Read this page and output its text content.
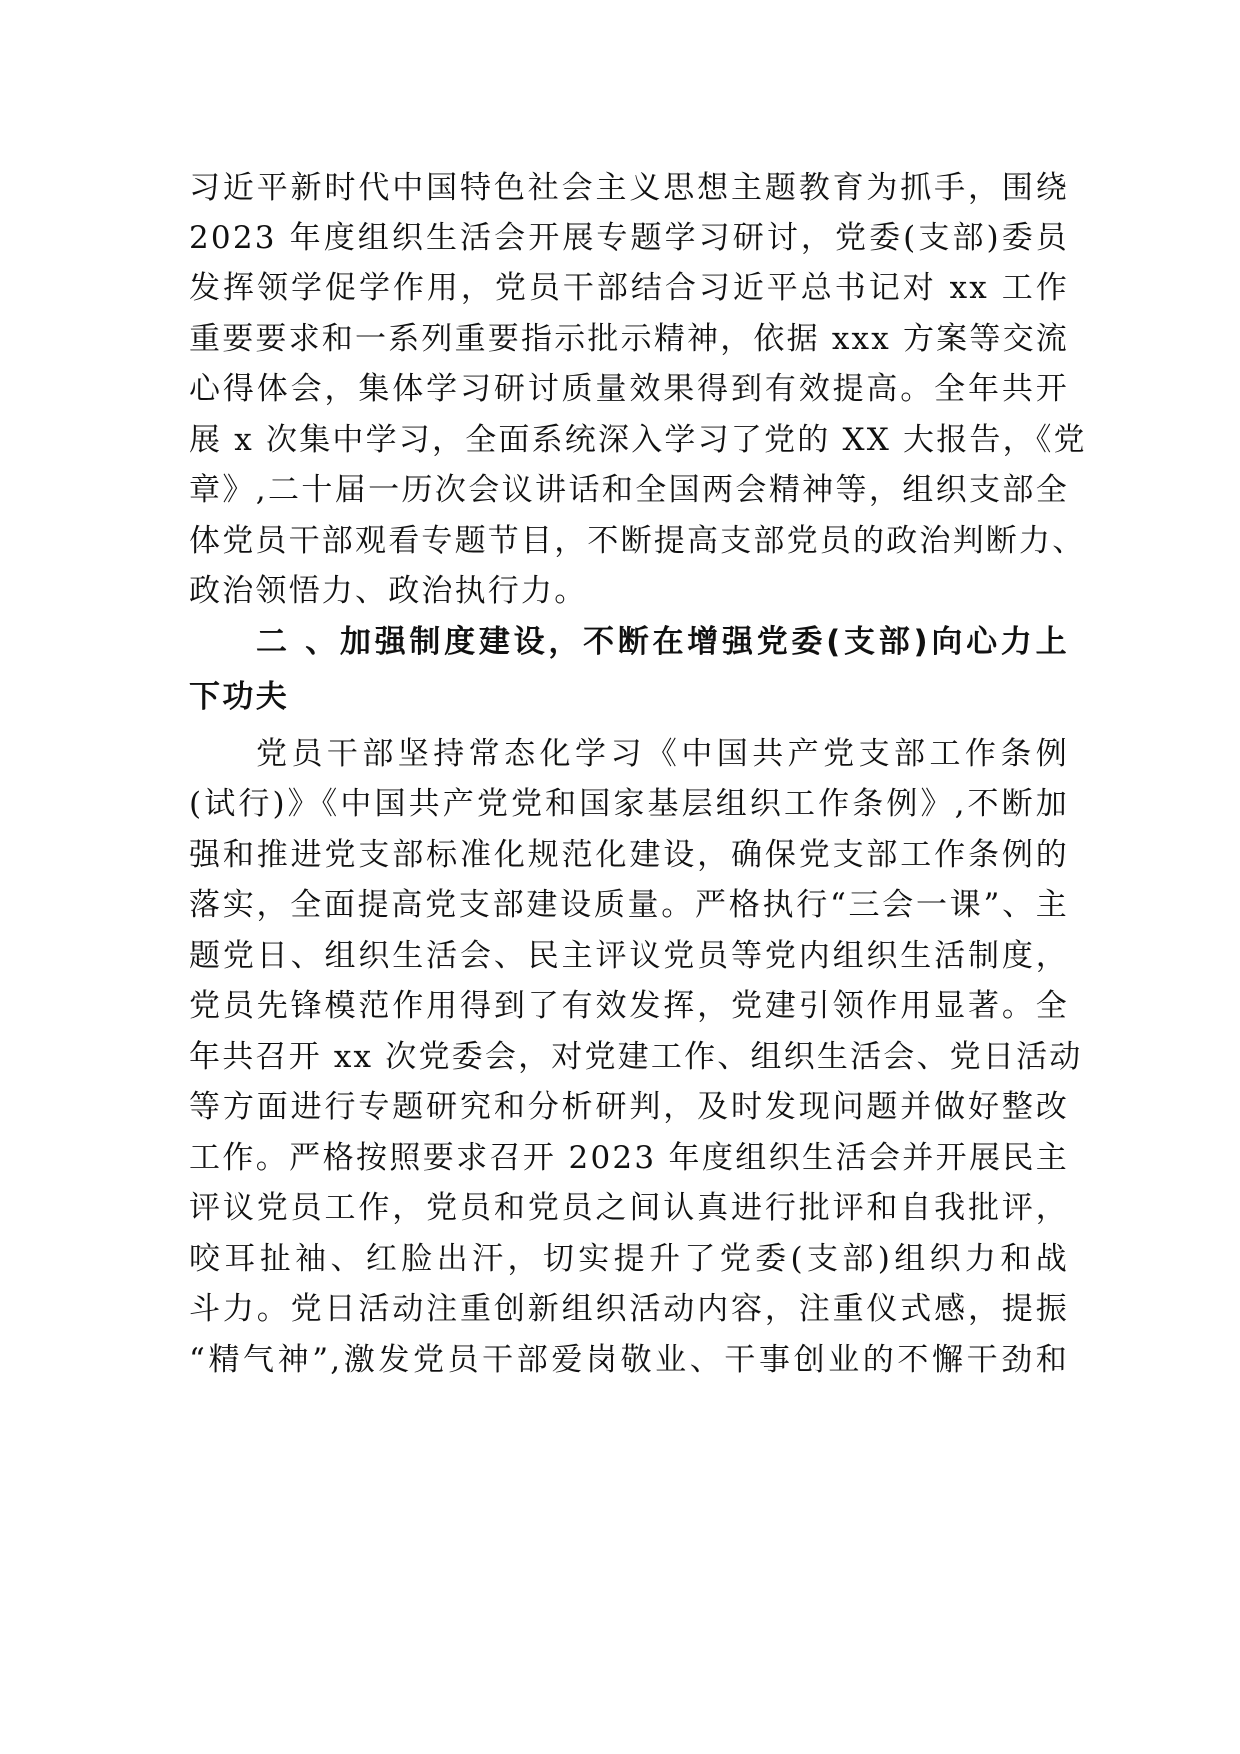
习近平新时代中国特色社会主义思想主题教育为抓手，围绕
2023 年度组织生活会开展专题学习研讨，党委(支部)委员
发挥领学促学作用，党员干部结合习近平总书记对 xx 工作
重要要求和一系列重要指示批示精神，依据 xxx 方案等交流
心得体会，集体学习研讨质量效果得到有效提高。全年共开
展 x 次集中学习，全面系统深入学习了党的 XX 大报告，《党
章》,二十届一历次会议讲话和全国两会精神等，组织支部全
体党员干部观看专题节目，不断提高支部党员的政治判断力、
政治领悟力、政治执行力。
二 、加强制度建设，不断在增强党委(支部)向心力上
下功夫
党员干部坚持常态化学习《中国共产党支部工作条例
(试行)》《中国共产党党和国家基层组织工作条例》,不断加
强和推进党支部标准化规范化建设，确保党支部工作条例的
落实，全面提高党支部建设质量。严格执行“三会一课”、主
题党日、组织生活会、民主评议党员等党内组织生活制度，
党员先锋模范作用得到了有效发挥，党建引领作用显著。全
年共召开 xx 次党委会，对党建工作、组织生活会、党日活动
等方面进行专题研究和分析研判，及时发现问题并做好整改
工作。严格按照要求召开 2023 年度组织生活会并开展民主
评议党员工作，党员和党员之间认真进行批评和自我批评，
咬耳扯袖、红脸出汗，切实提升了党委(支部)组织力和战
斗力。党日活动注重创新组织活动内容，注重仪式感，提振
“精气神”,激发党员干部爱岗敬业、干事创业的不懈干劲和
